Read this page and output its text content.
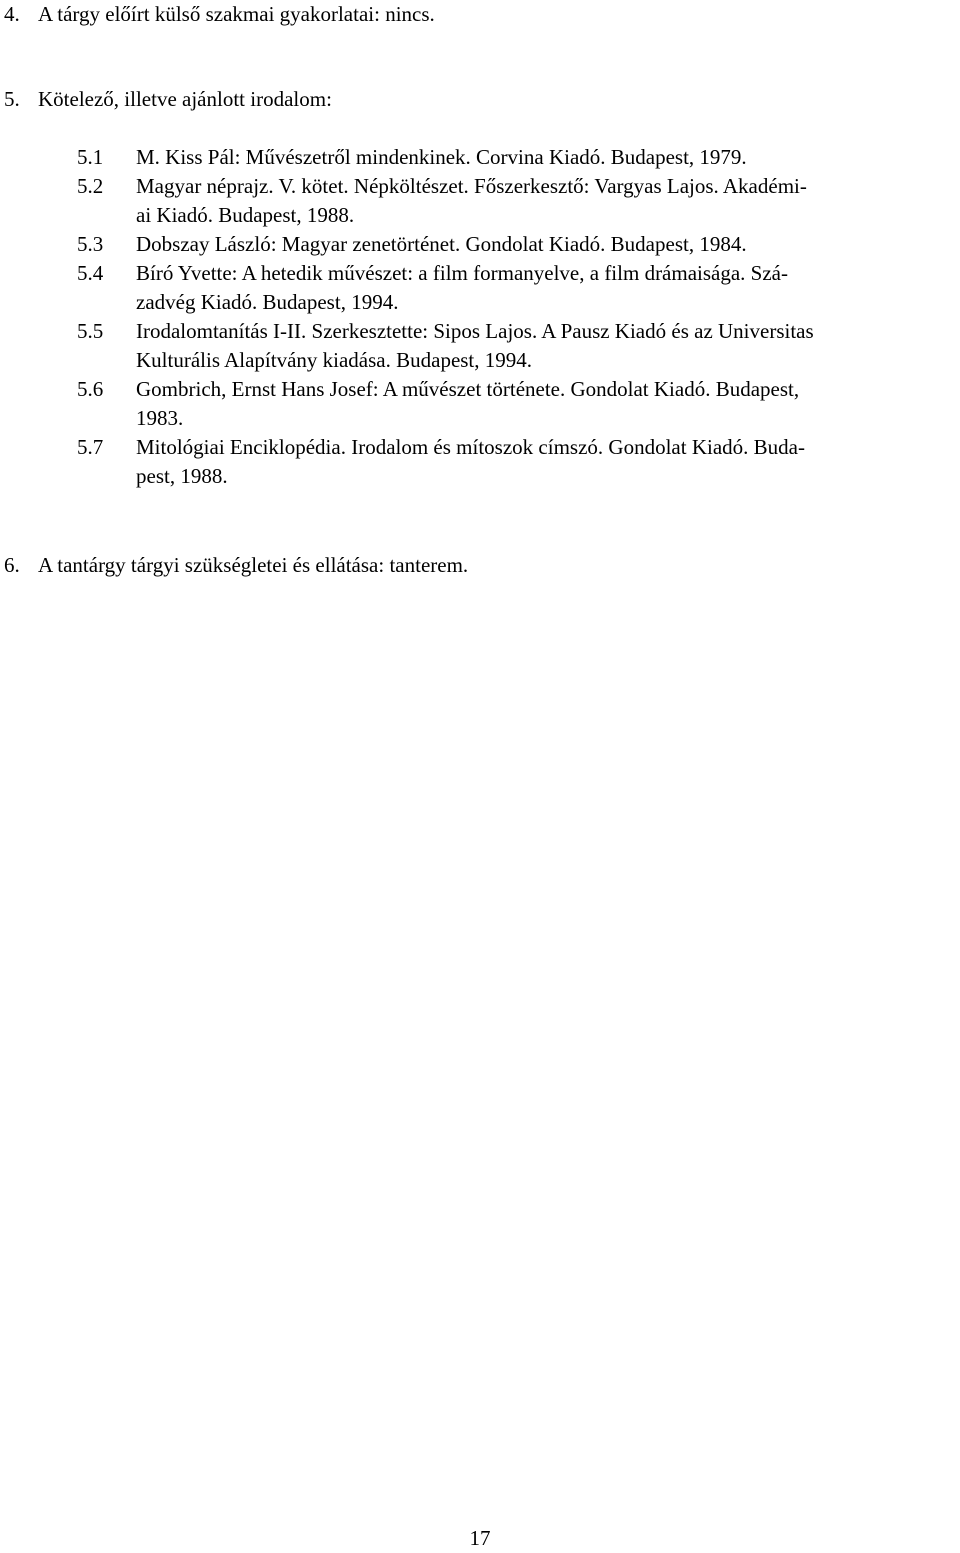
4. A tárgy előírt külső szakmai gyakorlatai: nincs.
5. Kötelező, illetve ajánlott irodalom:
5.1	M. Kiss Pál: Művészetről mindenkinek. Corvina Kiadó. Budapest, 1979.
5.2	Magyar néprajz. V. kötet. Népköltészet. Főszerkesztő: Vargyas Lajos. Akadémi-
ai Kiadó. Budapest, 1988.
5.3	Dobszay László: Magyar zenetörténet. Gondolat Kiadó. Budapest, 1984.
5.4	Bíró Yvette: A hetedik művészet: a film formanyelve, a film drámaisága. Szá-
zadvég Kiadó. Budapest, 1994.
5.5	Irodalomtanítás I-II. Szerkesztette: Sipos Lajos. A Pausz Kiadó és az Universitas
Kulturális Alapítvány kiadása. Budapest, 1994.
5.6	Gombrich, Ernst Hans Josef: A művészet története. Gondolat Kiadó. Budapest,
1983.
5.7	Mitológiai Enciklopédia. Irodalom és mítoszok címszó. Gondolat Kiadó. Buda-
pest, 1988.
6. A tantárgy tárgyi szükségletei és ellátása: tanterem.
17
